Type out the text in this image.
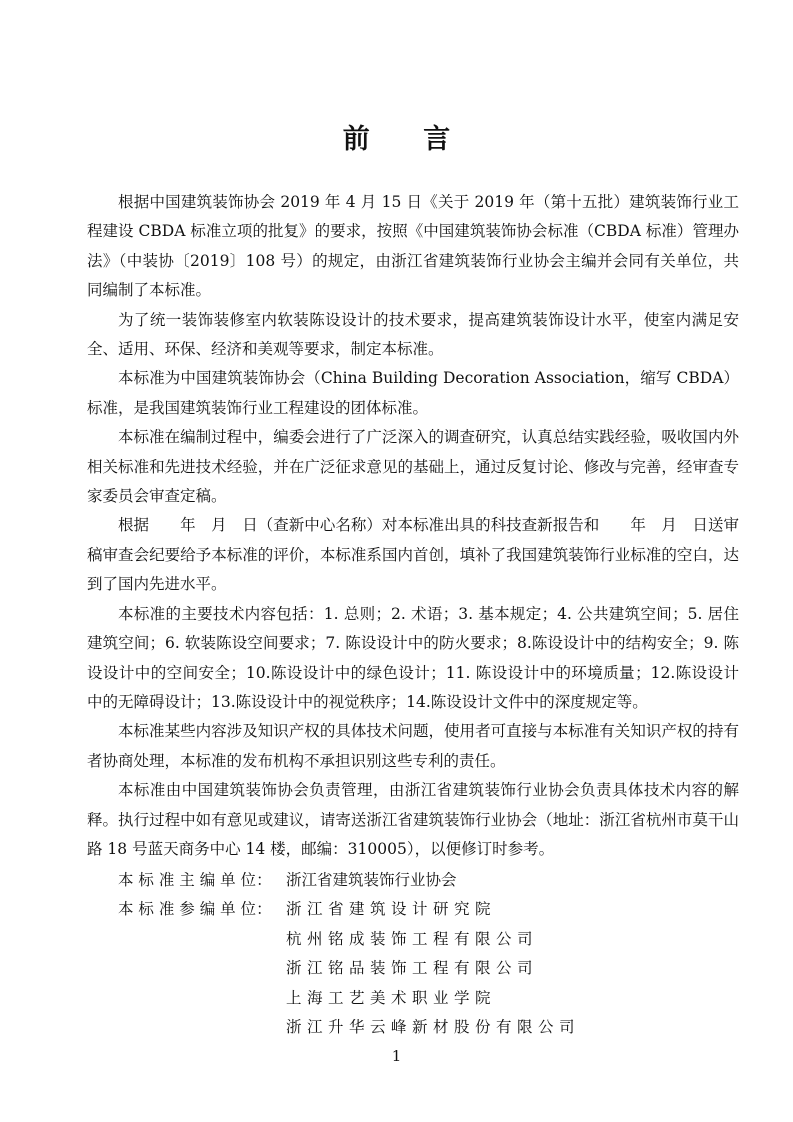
前 言

根据中国建筑装饰协会 2019 年 4 月 15 日《关于 2019 年（第十五批）建筑装饰行业工程建设 CBDA 标准立项的批复》的要求，按照《中国建筑装饰协会标准（CBDA 标准）管理办法》（中装协〔2019〕108 号）的规定，由浙江省建筑装饰行业协会主编并会同有关单位，共同编制了本标准。

为了统一装饰装修室内软装陈设设计的技术要求，提高建筑装饰设计水平，使室内满足安全、适用、环保、经济和美观等要求，制定本标准。

本标准为中国建筑装饰协会（China Building Decoration Association，缩写 CBDA）标准，是我国建筑装饰行业工程建设的团体标准。

本标准在编制过程中，编委会进行了广泛深入的调查研究，认真总结实践经验，吸收国内外相关标准和先进技术经验，并在广泛征求意见的基础上，通过反复讨论、修改与完善，经审查专家委员会审查定稿。

根据　　年　月　日（查新中心名称）对本标准出具的科技查新报告和　　年　月　日送审稿审查会纪要给予本标准的评价，本标准系国内首创，填补了我国建筑装饰行业标准的空白，达到了国内先进水平。

本标准的主要技术内容包括：1. 总则；2. 术语；3. 基本规定；4. 公共建筑空间；5. 居住建筑空间；6. 软装陈设空间要求；7. 陈设设计中的防火要求；8.陈设设计中的结构安全；9. 陈设设计中的空间安全；10.陈设设计中的绿色设计；11. 陈设设计中的环境质量；12.陈设设计中的无障碍设计；13.陈设设计中的视觉秩序；14.陈设设计文件中的深度规定等。

本标准某些内容涉及知识产权的具体技术问题，使用者可直接与本标准有关知识产权的持有者协商处理，本标准的发布机构不承担识别这些专利的责任。

本标准由中国建筑装饰协会负责管理，由浙江省建筑装饰行业协会负责具体技术内容的解释。执行过程中如有意见或建议，请寄送浙江省建筑装饰行业协会（地址：浙江省杭州市莫干山路 18 号蓝天商务中心 14 楼，邮编：310005），以便修订时参考。

本 标 准 主 编 单 位： 浙江省建筑装饰行业协会
本 标 准 参 编 单 位： 浙江省建筑设计研究院
杭州铭成装饰工程有限公司
浙江铭品装饰工程有限公司
上海工艺美术职业学院
浙江升华云峰新材股份有限公司
1
